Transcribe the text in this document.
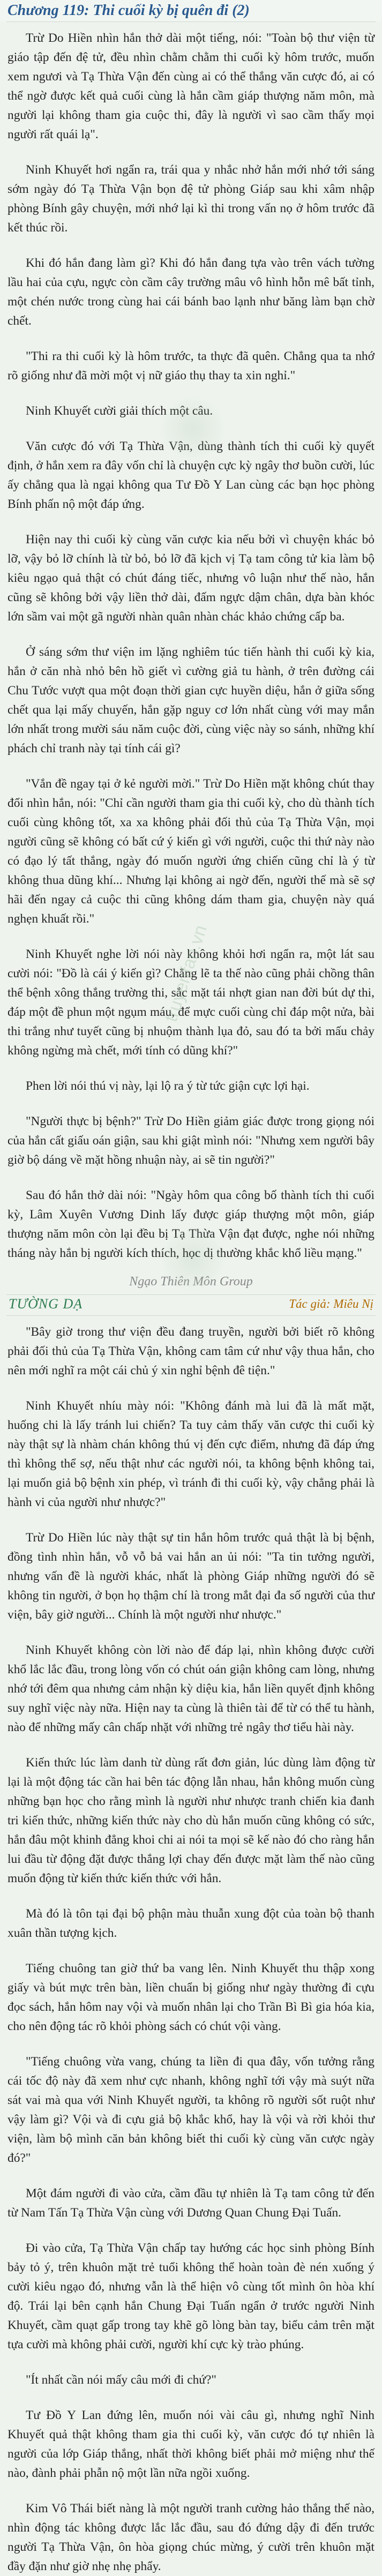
truyenfan.vn
Chương 119: Thi cuối kỳ bị quên đi (2)

Trừ Do Hiền nhìn hắn thở dài một tiếng, nói: "Toàn bộ thư viện từ giáo tập đến đệ tử, đều nhìn chằm chằm thi cuối kỳ hôm trước, muốn xem ngươi và Tạ Thừa Vận đến cùng ai có thể thắng văn cược đó, ai có thể ngờ được kết quả cuối cùng là hắn cầm giáp thượng năm môn, mà người lại không tham gia cuộc thi, đây là người vì sao cầm thấy mọi người rất quái lạ".

Ninh Khuyết hơi ngẩn ra, trái qua y nhắc nhở hắn mới nhớ tới sáng sớm ngày đó Tạ Thừa Vận bọn đệ tử phòng Giáp sau khi xâm nhập phòng Bính gây chuyện, mới nhớ lại kì thi trong vấn nọ ở hôm trước đã kết thúc rồi.

Khi đó hắn đang làm gì? Khi đó hắn đang tựa vào trên vách tường lầu hai của cựu, ngực còn cầm cây trường mâu vô hình hỗn mê bất tỉnh, một chén nước trong cùng hai cái bánh bao lạnh như băng làm bạn chờ chết.

"Thi ra thi cuối kỳ là hôm trước, ta thực đã quên. Chẳng qua ta nhớ rõ giống như đã mời một vị nữ giáo thụ thay ta xin nghỉ."

Ninh Khuyết cười giải thích một câu.

Văn cược đó với Tạ Thừa Vận, dùng thành tích thi cuối kỳ quyết định, ở hắn xem ra đây vốn chỉ là chuyện cực kỳ ngây thơ buồn cười, lúc ấy chẳng qua là ngại không qua Tư Đồ Y Lan cùng các bạn học phòng Bính phấn nộ một đáp ứng.

Hiện nay thi cuối kỳ cùng văn cược kia nếu bởi vì chuyện khác bỏ lỡ, vậy bỏ lỡ chính là từ bỏ, bỏ lỡ đã kịch vị Tạ tam công tử kia làm bộ kiêu ngạo quả thật có chút đáng tiếc, nhưng vô luận như thế nào, hắn cũng sẽ không bởi vậy liền thở dài, đấm ngực dậm chân, dựa bàn khóc lớn sầm vai một gã người nhàn quân nhàn chác khảo chứng cấp ba.

Ở sáng sớm thư viện im lặng nghiêm túc tiến hành thi cuối kỳ kia, hắn ở căn nhà nhỏ bên hồ giết vì cường giả tu hành, ở trên đường cái Chu Tước vượt qua một đoạn thời gian cực huyền diệu, hắn ở giữa sống chết qua lại mấy chuyến, hắn gặp nguy cơ lớn nhất cùng với may mắn lớn nhất trong mười sáu năm cuộc đời, cùng việc này so sánh, những khí phách chỉ tranh này tại tính cái gì?

"Vắn đề ngay tại ở kẻ người mời." Trừ Do Hiền mặt không chút thay đổi nhìn hắn, nói: "Chỉ cần người tham gia thi cuối kỳ, cho dù thành tích cuối cùng không tốt, xa xa không phải đối thủ của Tạ Thừa Vận, mọi người cũng sẽ không có bất cứ ý kiến gì với người, cuộc thi thứ này nào có đạo lý tất thắng, ngày đó muốn người ứng chiến cũng chỉ là ý từ không thua dũng khí... Nhưng lại không ai ngờ đến, người thế mà sẽ sợ hãi đến ngay cả cuộc thi cũng không dám tham gia, chuyện này quá nghẹn khuất rồi."

Ninh Khuyết nghe lời nói này không khỏi hơi ngẩn ra, một lát sau cười nói: "Đồ là cái ý kiến gì? Chẳng lẽ ta thế nào cũng phải chồng thân thể bệnh xông thắng trường thi, sắc mặt tái nhợt gian nan đời bút dự thi, đáp một đề phun một ngụm máu, để mực cuối cùng chỉ đáp một nửa, bài thi trắng như tuyết cũng bị nhuộm thành lụa đỏ, sau đó ta bởi mấu chảy không ngừng mà chết, mới tính có dũng khí?"

Phen lời nói thú vị này, lại lộ ra ý từ tức giận cực lợi hại.

"Người thực bị bệnh?" Trừ Do Hiền giảm giác được trong giọng nói của hắn cất giấu oán giận, sau khi giật mình nói: "Nhưng xem người bây giờ bộ dáng về mặt hồng nhuận này, ai sẽ tin người?"

Sau đó hắn thở dài nói: "Ngày hôm qua công bố thành tích thi cuối kỳ, Lâm Xuyên Vương Dinh lấy được giáp thượng một môn, giáp thượng năm môn còn lại đều bị Tạ Thừa Vận đạt được, nghe nói những tháng này hắn bị người kích thích, học dị thường khắc khổ liều mạng."

Ngạo Thiên Môn Group
TƯỜNG DẠ	Tác giả: Miêu Nị

"Bây giờ trong thư viện đều đang truyền, người bởi biết rõ không phải đối thủ của Tạ Thừa Vận, không cam tâm cứ như vậy thua hắn, cho nên mới nghĩ ra một cái chủ ý xin nghỉ bệnh đê tiện."

Ninh Khuyết nhíu mày nói: "Không đánh mà lui đã là mất mặt, huống chi là lấy tránh lui chiến? Ta tuy cảm thấy văn cược thi cuối kỳ này thật sự là nhàm chán không thú vị đến cực điểm, nhưng đã đáp ứng thì không thể sợ, nếu thật như các người nói, ta không bệnh không tai, lại muốn giả bộ bệnh xin phép, vì tránh đi thi cuối kỳ, vậy chẳng phải là hành vi của người như nhược?"

Trừ Do Hiền lúc này thật sự tin hắn hôm trước quả thật là bị bệnh, đồng tình nhìn hắn, vỗ vỗ bả vai hắn an ủi nói: "Ta tin tưởng người, nhưng vấn đề là người khác, nhất là phòng Giáp những người đó sẽ không tin người, ở bọn họ thậm chí là trong mắt đại đa số người của thư viện, bây giờ người... Chính là một người như nhược."

Ninh Khuyết không còn lời nào để đáp lại, nhìn không được cười khổ lắc lắc đầu, trong lòng vốn có chút oán giận không cam lòng, nhưng nhớ tới đêm qua nhưng cảm nhận kỳ diệu kia, hắn liền quyết định không suy nghĩ việc này nữa. Hiện nay ta cùng là thiên tài để từ có thể tu hành, nào để những mấy cân chấp nhặt với những trẻ ngây thơ tiểu hài này.

Kiến thức lúc làm danh từ dùng rất đơn giản, lúc dùng làm động từ lại là một động tác cần hai bên tác động lẫn nhau, hắn không muốn cùng những bạn học cho rằng mình là người như nhược tranh chiến kia đanh tri kiến thức, những kiến thức này cho dù hắn muốn cũng không có sức, hắn đâu một khinh đẳng khoi chi ai nói ta mọi sẽ kế nào đó cho ràng hắn lui đầu từ động đặt được thắng lợi chay đến được mặt làm thế nào cũng muốn động từ kiến thức kiến thức với hắn.

Mà đó là tôn tại đại bộ phận màu thuẫn xung đột của toàn bộ thanh xuân thần tượng kịch.

Tiếng chuông tan giờ thứ ba vang lên. Ninh Khuyết thu thập xong giấy và bút mực trên bàn, liền chuẩn bị giống như ngày thường đi cựu đọc sách, hắn hôm nay vội và muốn nhân lại cho Trần Bì Bì gia hóa kia, cho nên động tác rõ khỏi phòng sách có chút vội vàng.

"Tiếng chuông vừa vang, chúng ta liền đi qua đây, vốn tưởng rằng cái tốc độ này đã xem như cực nhanh, không nghĩ tới vậy mà suýt nữa sát vai mà qua với Ninh Khuyết người, ta không rõ người sốt ruột như vậy làm gì? Vội và đi cựu giả bộ khắc khổ, hay là vội và rời khỏi thư viện, làm bộ mình căn bản không biết thi cuối kỳ cùng văn cược ngày đó?"

Một đám người đi vào cửa, cầm đầu tự nhiên là Tạ tam công tử đến từ Nam Tấn Tạ Thừa Vận cùng với Dương Quan Chung Đại Tuấn.

Đi vào cửa, Tạ Thừa Vận chấp tay hướng các học sinh phòng Bính bảy tỏ ý, trên khuôn mặt trẻ tuổi không thể hoàn toàn đè nén xuống ý cười kiêu ngạo đó, nhưng vẫn là thể hiện vô cùng tốt mình ôn hòa khí độ. Trái lại bên cạnh hắn Chung Đại Tuấn ngẩn ở trước người Ninh Khuyết, cầm quạt gấp trong tay khẽ gõ lòng bàn tay, biểu cảm trên mặt tựa cười mà không phải cười, người khí cực kỳ trào phúng.

"Ít nhất cần nói mấy câu mới đi chứ?"

Tư Đồ Y Lan đứng lên, muốn nói vài câu gì, nhưng nghĩ Ninh Khuyết quả thật không tham gia thi cuối kỳ, văn cược đó tự nhiên là người của lớp Giáp thắng, nhất thời không biết phải mở miệng như thế nào, đành phải phẫn nộ một lần nữa ngồi xuống.

Kim Vô Thái biết nàng là một người tranh cường hảo thắng thế nào, nhìn động tác không được lắc lắc đầu, sau đó đứng dậy đi đến trước người Tạ Thừa Vận, ôn hòa giọng chúc mừng, ý cười trên khuôn mặt đầy đặn như giờ nhẹ nhẹ phẩy.
